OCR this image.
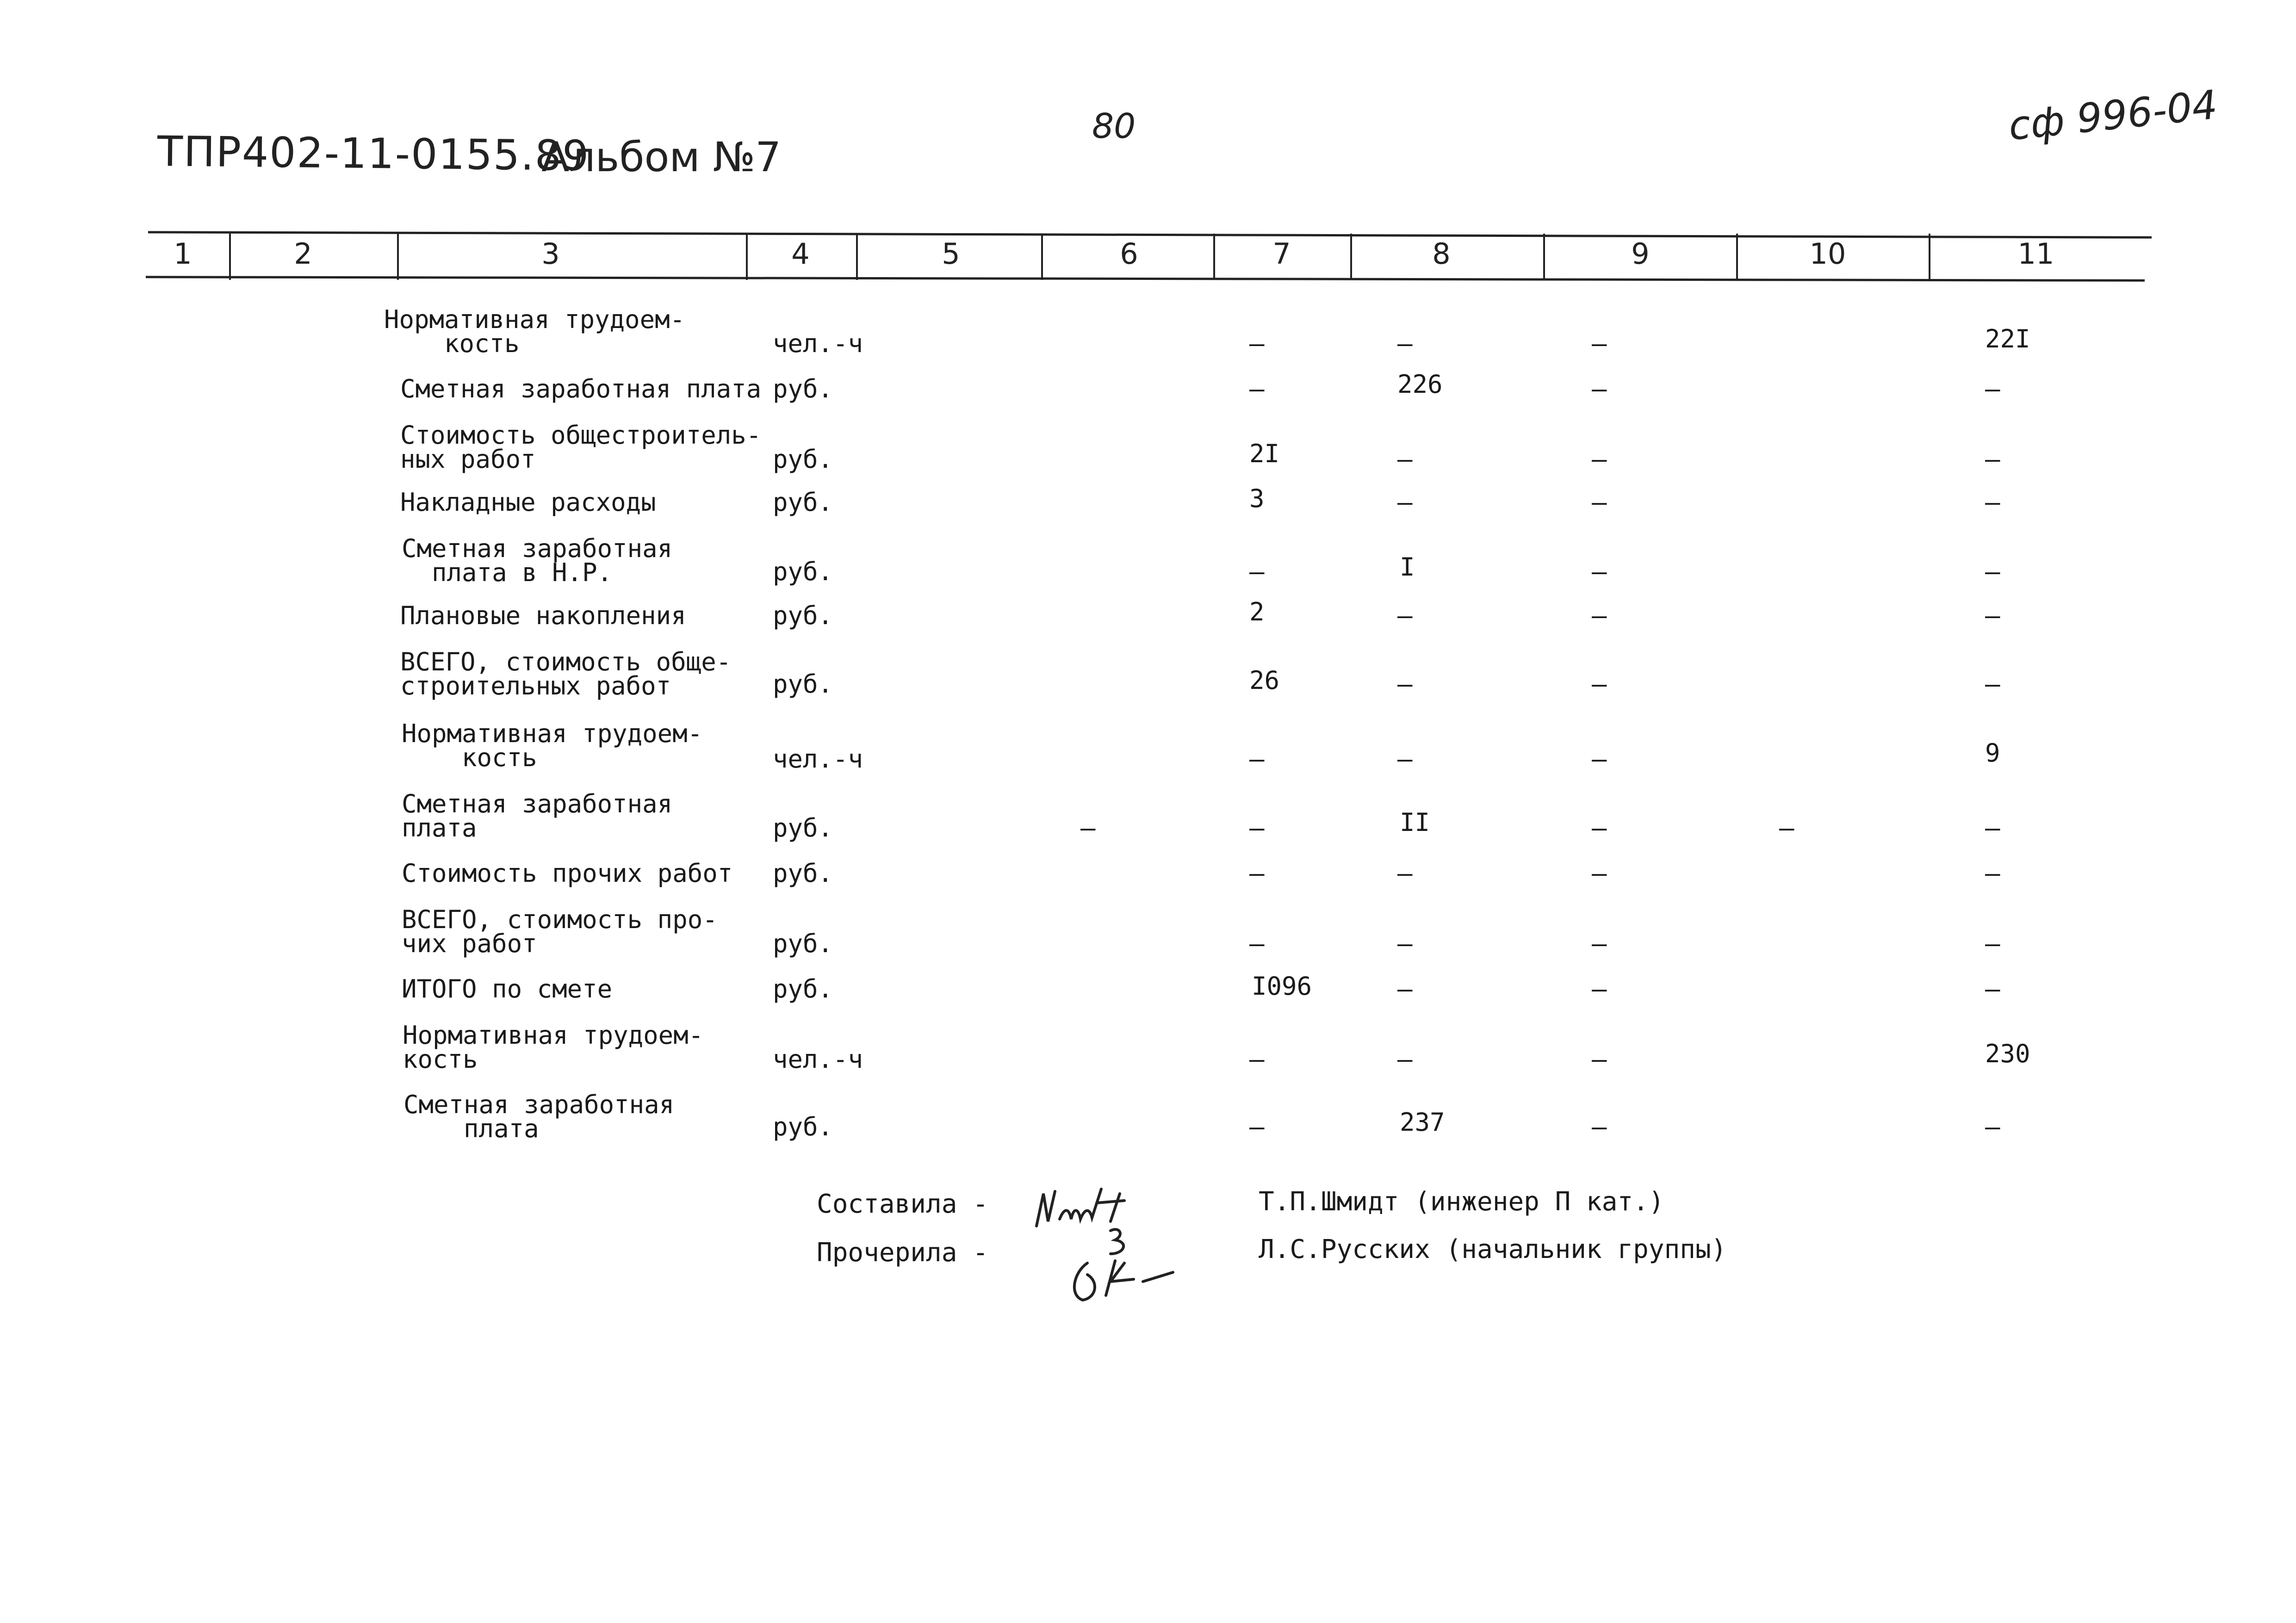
ТПР402-11-0155.89
Альбом №7
80	сф 996-04
1	2	3	4	5	6	7	8	9	10	11
Нормативная трудоем-
кость	чел.-ч	–	–	–	22I
Сметная заработная плата руб.	–	226	–	–
Стоимость общестроитель-
ных работ	руб.	2I	–	–	–
Накладные расходы	руб.	3	–	–	–
Сметная заработная
плата в Н.Р.	руб.	–	I	–	–
Плановые накопления	руб.	2	–	–	–
ВСЕГО, стоимость обще-
строительных работ	руб.	26	–	–	–
Нормативная трудоем-
кость	чел.-ч	–	–	–	9
Сметная заработная
плата	руб.	–	–	II	–	–	–
Стоимость прочих работ руб.	–	–	–	–
ВСЕГО, стоимость про-
чих работ	руб.	–	–	–	–
ИТОГО по смете	руб.	I096	–	–	–
Нормативная трудоем-
кость	чел.-ч	–	–	–	230
Сметная заработная
плата	руб.	–	237	–	–
Составила -	Т.П.Шмидт (инженер П кат.)
Прочерила -	Л.С.Русских (начальник группы)
